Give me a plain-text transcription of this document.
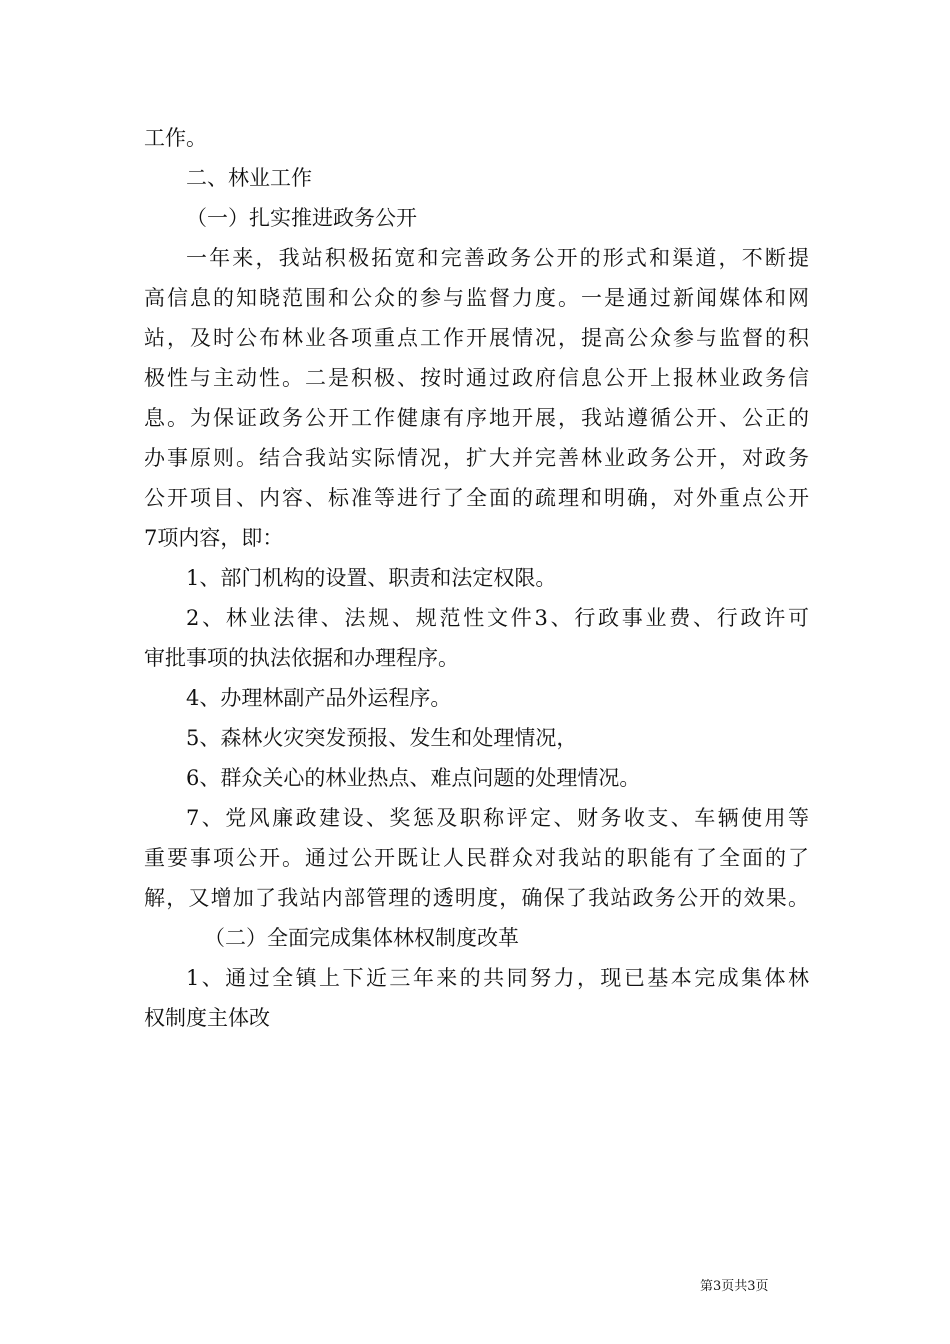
工作。
二、林业工作
（一）扎实推进政务公开
一年来，我站积极拓宽和完善政务公开的形式和渠道，不断提
高信息的知晓范围和公众的参与监督力度。一是通过新闻媒体和网
站，及时公布林业各项重点工作开展情况，提高公众参与监督的积
极性与主动性。二是积极、按时通过政府信息公开上报林业政务信
息。为保证政务公开工作健康有序地开展，我站遵循公开、公正的
办事原则。结合我站实际情况，扩大并完善林业政务公开，对政务
公开项目、内容、标准等进行了全面的疏理和明确，对外重点公开
7项内容，即：
1、部门机构的设置、职责和法定权限。
2、林业法律、法规、规范性文件3、行政事业费、行政许可
审批事项的执法依据和办理程序。
4、办理林副产品外运程序。
5、森林火灾突发预报、发生和处理情况，
6、群众关心的林业热点、难点问题的处理情况。
7、党风廉政建设、奖惩及职称评定、财务收支、车辆使用等
重要事项公开。通过公开既让人民群众对我站的职能有了全面的了
解，又增加了我站内部管理的透明度，确保了我站政务公开的效果。
（二）全面完成集体林权制度改革
1、通过全镇上下近三年来的共同努力，现已基本完成集体林
权制度主体改
第3页共3页
